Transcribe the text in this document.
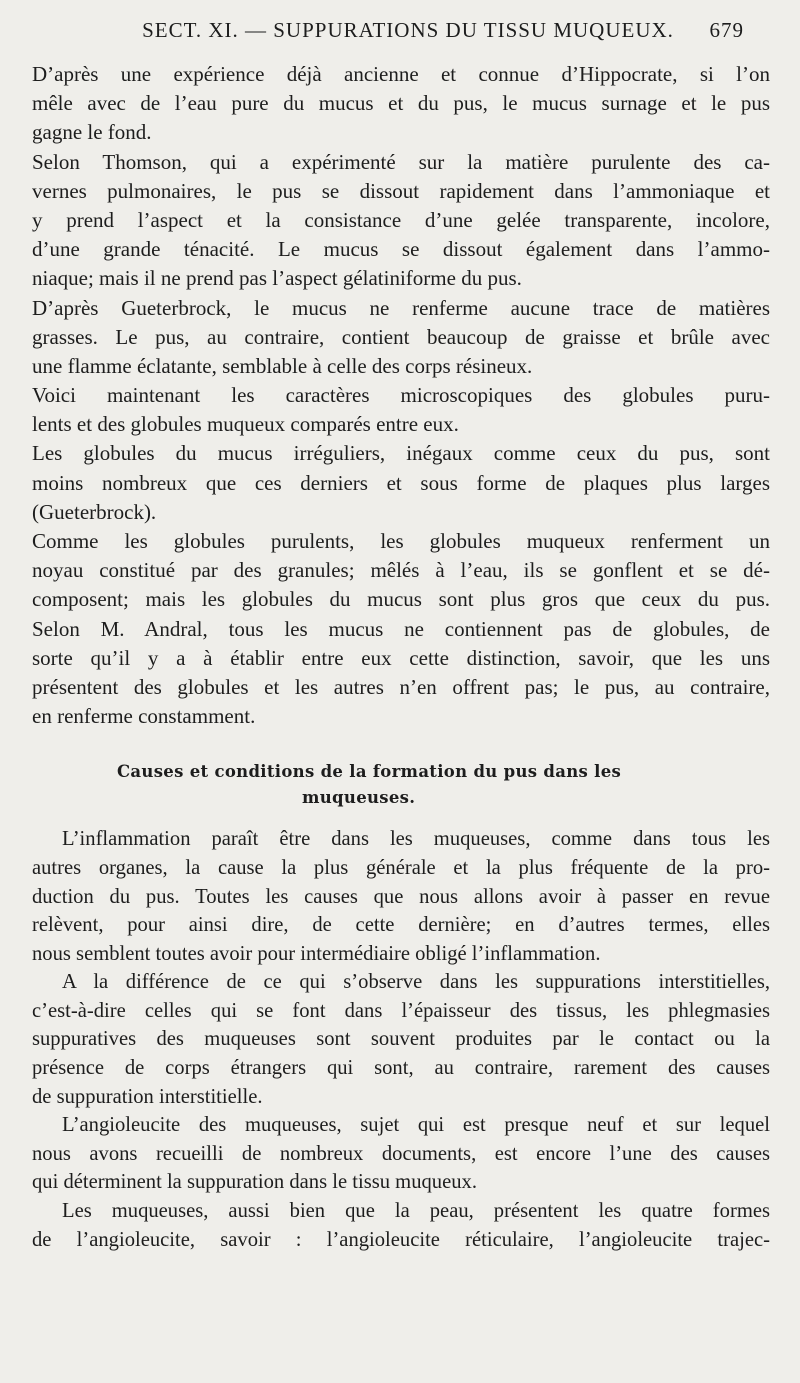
SECT. XI. — SUPPURATIONS DU TISSU MUQUEUX.	679
D’après une expérience déjà ancienne et connue d’Hippocrate, si l’on
mêle avec de l’eau pure du mucus et du pus, le mucus surnage et le pus
gagne le fond.
Selon Thomson, qui a expérimenté sur la matière purulente des ca-
vernes pulmonaires, le pus se dissout rapidement dans l’ammoniaque et
y prend l’aspect et la consistance d’une gelée transparente, incolore,
d’une grande ténacité. Le mucus se dissout également dans l’ammo-
niaque; mais il ne prend pas l’aspect gélatiniforme du pus.
D’après Gueterbrock, le mucus ne renferme aucune trace de matières
grasses. Le pus, au contraire, contient beaucoup de graisse et brûle avec
une flamme éclatante, semblable à celle des corps résineux.
Voici maintenant les caractères microscopiques des globules puru-
lents et des globules muqueux comparés entre eux.
Les globules du mucus irréguliers, inégaux comme ceux du pus, sont
moins nombreux que ces derniers et sous forme de plaques plus larges
(Gueterbrock).
Comme les globules purulents, les globules muqueux renferment un
noyau constitué par des granules; mêlés à l’eau, ils se gonflent et se dé-
composent; mais les globules du mucus sont plus gros que ceux du pus.
Selon M. Andral, tous les mucus ne contiennent pas de globules, de
sorte qu’il y a à établir entre eux cette distinction, savoir, que les uns
présentent des globules et les autres n’en offrent pas; le pus, au contraire,
en renferme constamment.
Causes et conditions de la formation du pus dans les
muqueuses.
L’inflammation paraît être dans les muqueuses, comme dans tous les
autres organes, la cause la plus générale et la plus fréquente de la pro-
duction du pus. Toutes les causes que nous allons avoir à passer en revue
relèvent, pour ainsi dire, de cette dernière; en d’autres termes, elles
nous semblent toutes avoir pour intermédiaire obligé l’inflammation.
A la différence de ce qui s’observe dans les suppurations interstitielles,
c’est-à-dire celles qui se font dans l’épaisseur des tissus, les phlegmasies
suppuratives des muqueuses sont souvent produites par le contact ou la
présence de corps étrangers qui sont, au contraire, rarement des causes
de suppuration interstitielle.
L’angioleucite des muqueuses, sujet qui est presque neuf et sur lequel
nous avons recueilli de nombreux documents, est encore l’une des causes
qui déterminent la suppuration dans le tissu muqueux.
Les muqueuses, aussi bien que la peau, présentent les quatre formes
de l’angioleucite, savoir : l’angioleucite réticulaire, l’angioleucite trajec-
